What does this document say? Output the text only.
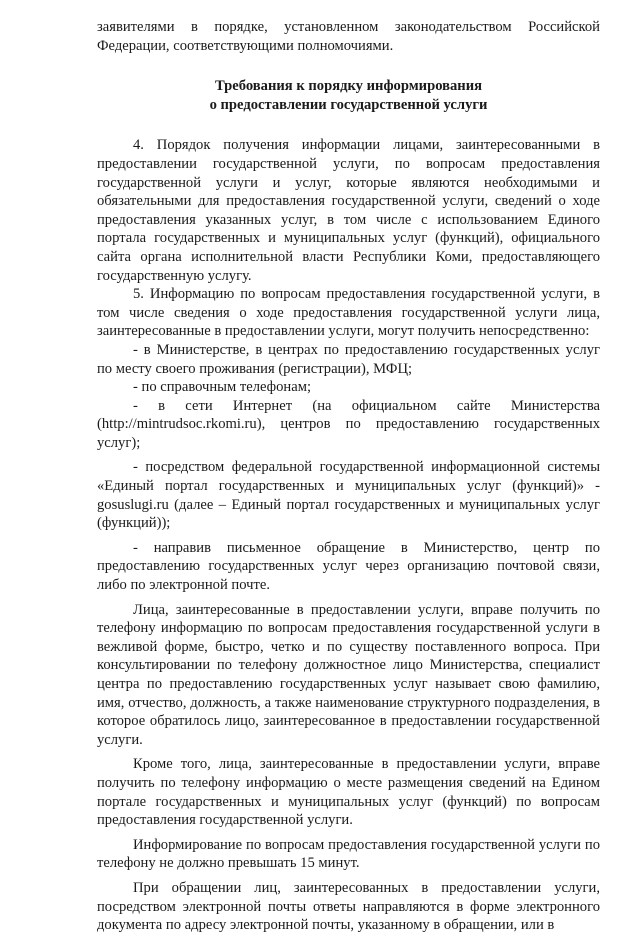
заявителями в порядке, установленном законодательством Российской Федерации, соответствующими полномочиями.

Требования к порядку информирования
о предоставлении государственной услуги

4. Порядок получения информации лицами, заинтересованными в предоставлении государственной услуги, по вопросам предоставления государственной услуги и услуг, которые являются необходимыми и обязательными для предоставления государственной услуги, сведений о ходе предоставления указанных услуг, в том числе с использованием Единого портала государственных и муниципальных услуг (функций), официального сайта органа исполнительной власти Республики Коми, предоставляющего государственную услугу.

5. Информацию по вопросам предоставления государственной услуги, в том числе сведения о ходе предоставления государственной услуги лица, заинтересованные в предоставлении услуги, могут получить непосредственно:

- в Министерстве, в центрах по предоставлению государственных услуг по месту своего проживания (регистрации), МФЦ;

- по справочным телефонам;

- в сети Интернет (на официальном сайте Министерства (http://mintrudsoc.rkomi.ru), центров по предоставлению государственных услуг);

- посредством федеральной государственной информационной системы «Единый портал государственных и муниципальных услуг (функций)» - gosuslugi.ru (далее – Единый портал государственных и муниципальных услуг (функций));

- направив письменное обращение в Министерство, центр по предоставлению государственных услуг через организацию почтовой связи, либо по электронной почте.

Лица, заинтересованные в предоставлении услуги, вправе получить по телефону информацию по вопросам предоставления государственной услуги в вежливой форме, быстро, четко и по существу поставленного вопроса. При консультировании по телефону должностное лицо Министерства, специалист центра по предоставлению государственных услуг называет свою фамилию, имя, отчество, должность, а также наименование структурного подразделения, в которое обратилось лицо, заинтересованное в предоставлении государственной услуги.

Кроме того, лица, заинтересованные в предоставлении услуги, вправе получить по телефону информацию о месте размещения сведений на Едином портале государственных и муниципальных услуг (функций) по вопросам предоставления государственной услуги.

Информирование по вопросам предоставления государственной услуги по телефону не должно превышать 15 минут.

При обращении лиц, заинтересованных в предоставлении услуги, посредством электронной почты ответы направляются в форме электронного документа по адресу электронной почты, указанному в обращении, или в
